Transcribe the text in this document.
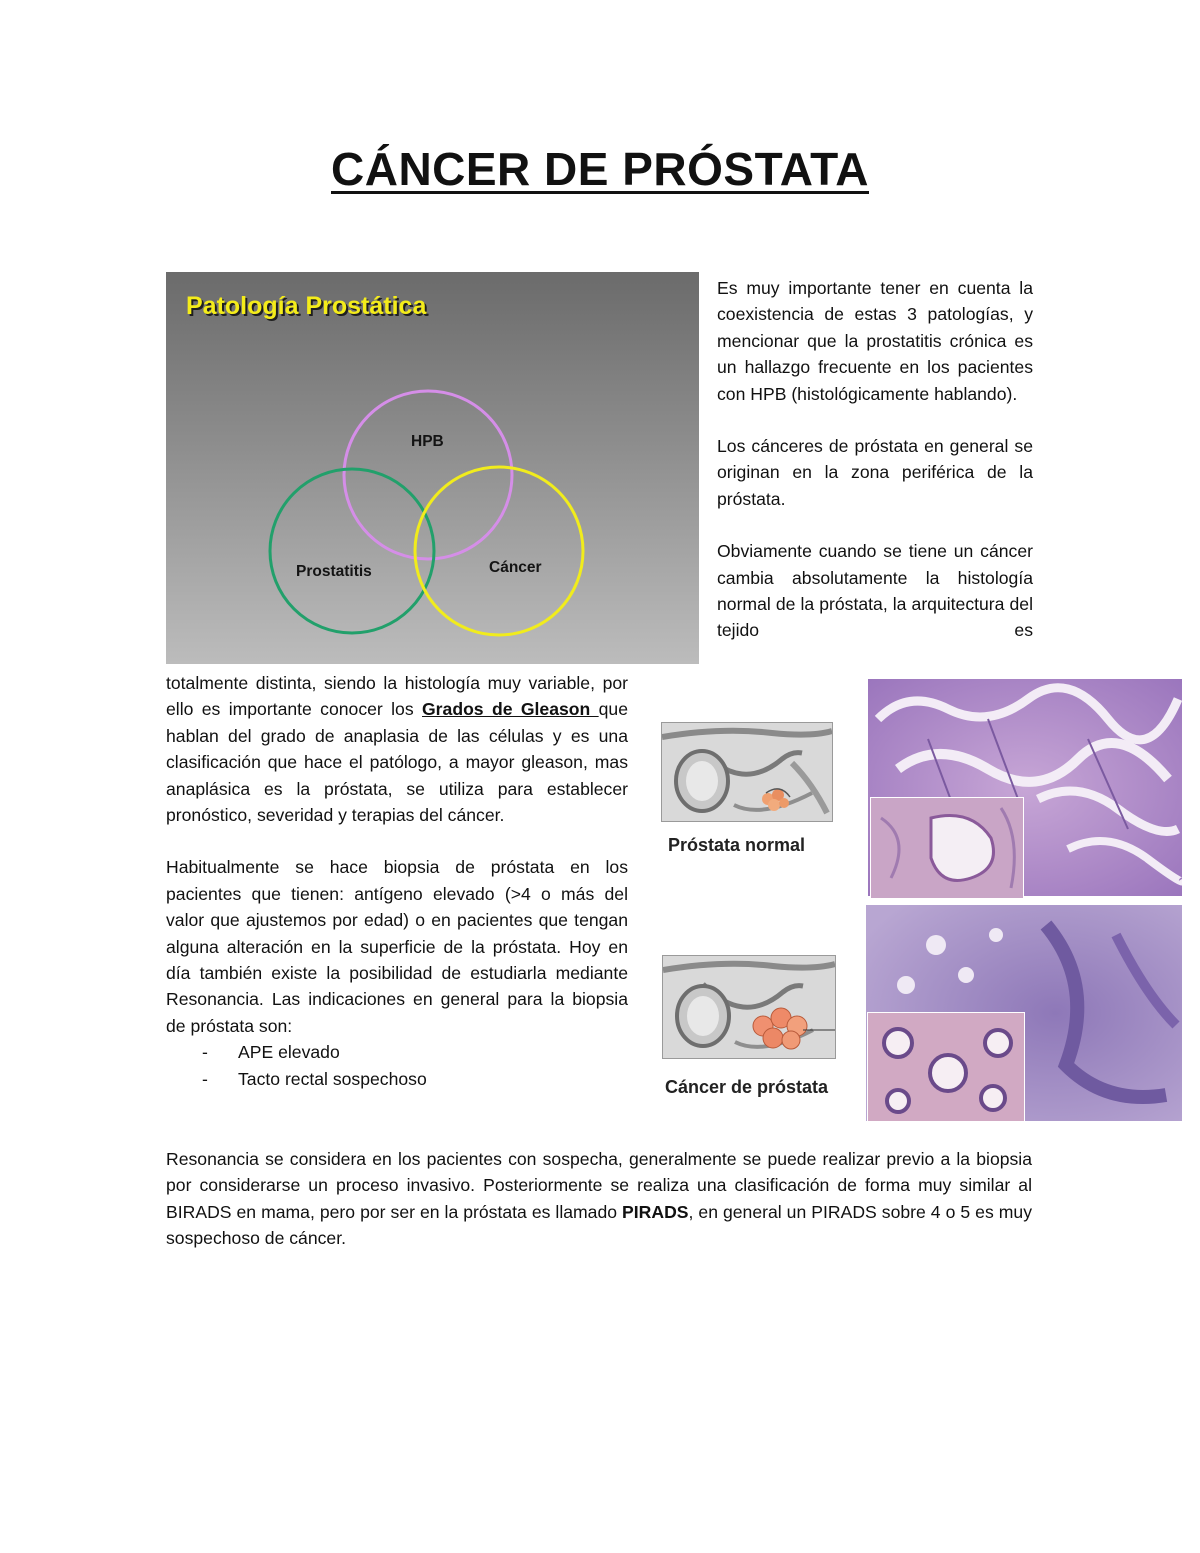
CÁNCER DE PRÓSTATA
Patología Prostática
HPB
Prostatitis	Cáncer

Es muy importante tener en cuenta la coexistencia de estas 3 patologías, y mencionar que la prostatitis crónica es un hallazgo frecuente en los pacientes con HPB (histológicamente hablando).

Los cánceres de próstata en general se originan en la zona periférica de la próstata.

Obviamente cuando se tiene un cáncer cambia absolutamente la histología normal de la próstata, la arquitectura del tejido es

totalmente distinta, siendo la histología muy variable, por ello es importante conocer los Grados de Gleason que hablan del grado de anaplasia de las células y es una clasificación que hace el patólogo, a mayor gleason, mas anaplásica es la próstata, se utiliza para establecer pronóstico, severidad y terapias del cáncer.

Habitualmente se hace biopsia de próstata en los pacientes que tienen: antígeno elevado (>4 o más del valor que ajustemos por edad) o en pacientes que tengan alguna alteración en la superficie de la próstata. Hoy en día también existe la posibilidad de estudiarla mediante Resonancia. Las indicaciones en general para la biopsia de próstata son:

- APE elevado
- Tacto rectal sospechoso
Próstata normal
Cáncer de próstata

Resonancia se considera en los pacientes con sospecha, generalmente se puede realizar previo a la biopsia por considerarse un proceso invasivo. Posteriormente se realiza una clasificación de forma muy similar al BIRADS en mama, pero por ser en la próstata es llamado PIRADS, en general un PIRADS sobre 4 o 5 es muy sospechoso de cáncer.
